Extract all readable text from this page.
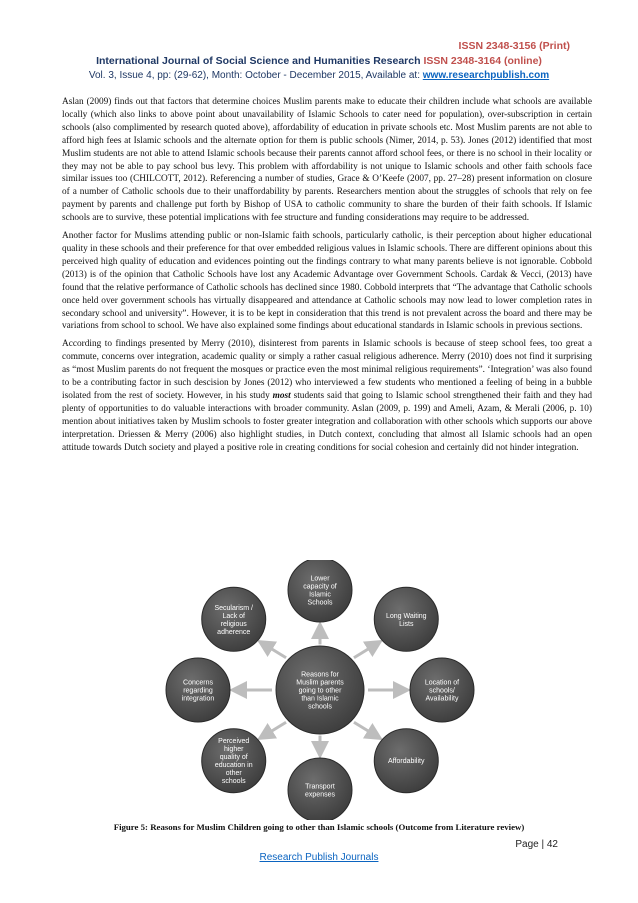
ISSN 2348-3156 (Print)
International Journal of Social Science and Humanities Research ISSN 2348-3164 (online)
Vol. 3, Issue 4, pp: (29-62), Month: October - December 2015, Available at: www.researchpublish.com

Aslan (2009) finds out that factors that determine choices Muslim parents make to educate their children include what schools are available locally (which also links to above point about unavailability of Islamic Schools to cater need for population), over-subscription in certain schools (also complimented by research quoted above), affordability of education in private schools etc. Most Muslim parents are not able to afford high fees at Islamic schools and the alternate option for them is public schools (Nimer, 2014, p. 53). Jones (2012) identified that most Muslim students are not able to attend Islamic schools because their parents cannot afford school fees, or there is no school in their locality or they may not be able to pay school bus levy. This problem with affordability is not unique to Islamic schools and other faith schools face similar issues too (CHILCOTT, 2012). Referencing a number of studies, Grace & O’Keefe (2007, pp. 27–28) present information on closure of a number of Catholic schools due to their unaffordability by parents. Researchers mention about the struggles of schools that rely on fee payment by parents and challenge put forth by Bishop of USA to catholic community to share the burden of their faith schools. If Islamic schools are to survive, these potential implications with fee structure and funding considerations may require to be addressed.

Another factor for Muslims attending public or non-Islamic faith schools, particularly catholic, is their perception about higher educational quality in these schools and their preference for that over embedded religious values in Islamic schools. There are different opinions about this perceived high quality of education and evidences pointing out the findings contrary to what many parents believe is not ignorable. Cobbold (2013) is of the opinion that Catholic Schools have lost any Academic Advantage over Government Schools. Cardak & Vecci, (2013) have found that the relative performance of Catholic schools has declined since 1980. Cobbold interprets that “The advantage that Catholic schools once held over government schools has virtually disappeared and attendance at Catholic schools may now lead to lower completion rates in secondary school and university”. However, it is to be kept in consideration that this trend is not prevalent across the board and there may be variations from school to school. We have also explained some findings about educational standards in Islamic schools in previous sections.

According to findings presented by Merry (2010), disinterest from parents in Islamic schools is because of steep school fees, too great a commute, concerns over integration, academic quality or simply a rather casual religious adherence. Merry (2010) does not find it surprising as “most Muslim parents do not frequent the mosques or practice even the most minimal religious requirements”. ‘Integration’ was also found to be a contributing factor in such descision by Jones (2012) who interviewed a few students who mentioned a feeling of being in a bubble isolated from the rest of society. However, in his study most students said that going to Islamic school strengthened their faith and they had plenty of opportunities to do valuable interactions with broader community. Aslan (2009, p. 199) and Ameli, Azam, & Merali (2006, p. 10) mention about initiatives taken by Muslim schools to foster greater integration and collaboration with other schools which supports our above interpretation. Driessen & Merry (2006) also highlight studies, in Dutch context, concluding that almost all Islamic schools had an open attitude towards Dutch society and played a positive role in creating conditions for social cohesion and certainly did not hinder integration.

Lower capacity of Islamic Schools
Long Waiting Lists
Location of schools/ Availability
Affordability
Transport expenses
Perceived higher quality of education in other schools
Concerns regarding integration
Secularism / Lack of religious adherence
Reasons for Muslim parents going to other than Islamic schools
Figure 5: Reasons for Muslim Children going to other than Islamic schools (Outcome from Literature review)
Page | 42
Research Publish Journals
